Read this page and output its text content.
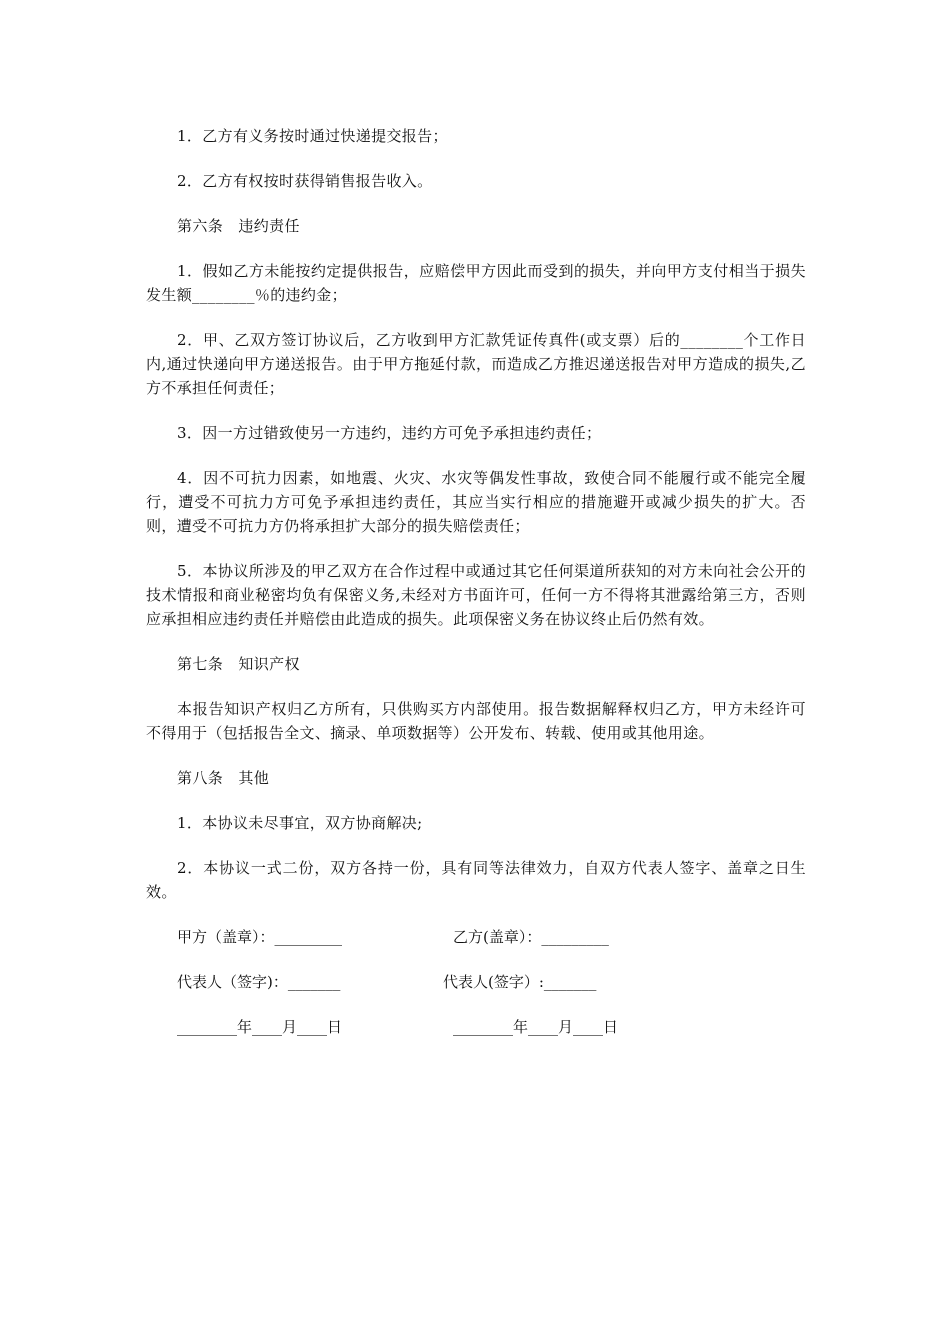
1．乙方有义务按时通过快递提交报告；

2．乙方有权按时获得销售报告收入。

第六条　违约责任

1．假如乙方未能按约定提供报告，应赔偿甲方因此而受到的损失，并向甲方支付相当于损失发生额________％的违约金；

2．甲、乙双方签订协议后，乙方收到甲方汇款凭证传真件(或支票）后的________个工作日内,通过快递向甲方递送报告。由于甲方拖延付款，而造成乙方推迟递送报告对甲方造成的损失,乙方不承担任何责任；

3．因一方过错致使另一方违约，违约方可免予承担违约责任；

4．因不可抗力因素，如地震、火灾、水灾等偶发性事故，致使合同不能履行或不能完全履行，遭受不可抗力方可免予承担违约责任，其应当实行相应的措施避开或减少损失的扩大。否则，遭受不可抗力方仍将承担扩大部分的损失赔偿责任；

5．本协议所涉及的甲乙双方在合作过程中或通过其它任何渠道所获知的对方未向社会公开的技术情报和商业秘密均负有保密义务,未经对方书面许可，任何一方不得将其泄露给第三方，否则应承担相应违约责任并赔偿由此造成的损失。此项保密义务在协议终止后仍然有效。

第七条　知识产权

本报告知识产权归乙方所有，只供购买方内部使用。报告数据解释权归乙方，甲方未经许可不得用于（包括报告全文、摘录、单项数据等）公开发布、转载、使用或其他用途。

第八条　其他

1．本协议未尽事宜，双方协商解决;

2．本协议一式二份，双方各持一份，具有同等法律效力，自双方代表人签字、盖章之日生效。

甲方（盖章）：_________	乙方(盖章）：_________
代表人（签字)：_______	代表人(签字）:_______
________年____月____日	________年____月____日
